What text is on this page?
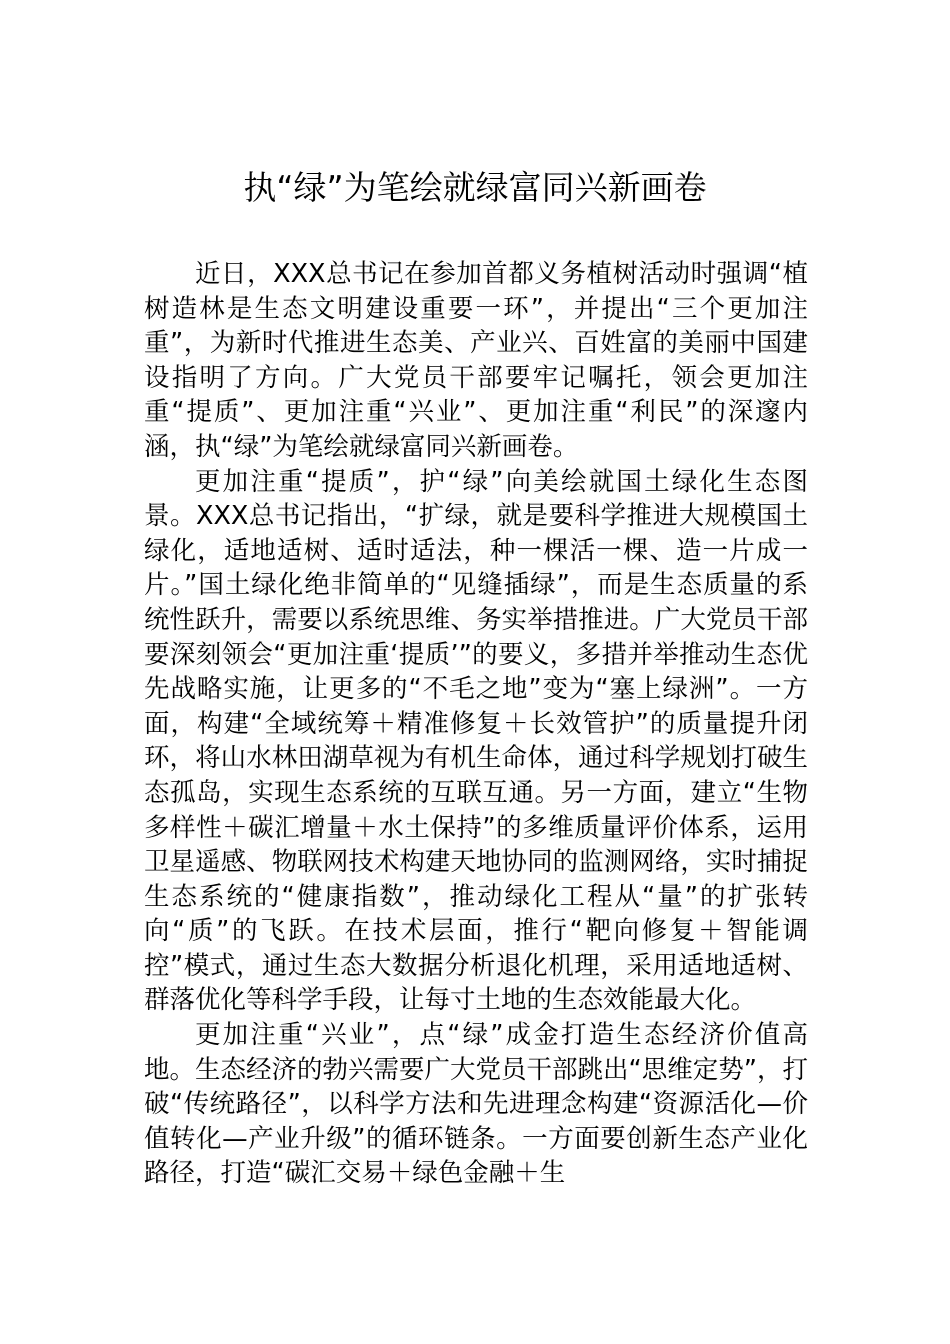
执“绿”为笔绘就绿富同兴新画卷

近日，XXX总书记在参加首都义务植树活动时强调“植树造林是生态文明建设重要一环”，并提出“三个更加注重”，为新时代推进生态美、产业兴、百姓富的美丽中国建设指明了方向。广大党员干部要牢记嘱托，领会更加注重“提质”、更加注重“兴业”、更加注重“利民”的深邃内涵，执“绿”为笔绘就绿富同兴新画卷。

更加注重“提质”，护“绿”向美绘就国土绿化生态图景。XXX总书记指出，“扩绿，就是要科学推进大规模国土绿化，适地适树、适时适法，种一棵活一棵、造一片成一片。”国土绿化绝非简单的“见缝插绿”，而是生态质量的系统性跃升，需要以系统思维、务实举措推进。广大党员干部要深刻领会“更加注重‘提质’”的要义，多措并举推动生态优先战略实施，让更多的“不毛之地”变为“塞上绿洲”。一方面，构建“全域统筹＋精准修复＋长效管护”的质量提升闭环，将山水林田湖草视为有机生命体，通过科学规划打破生态孤岛，实现生态系统的互联互通。另一方面，建立“生物多样性＋碳汇增量＋水土保持”的多维质量评价体系，运用卫星遥感、物联网技术构建天地协同的监测网络，实时捕捉生态系统的“健康指数”，推动绿化工程从“量”的扩张转向“质”的飞跃。在技术层面，推行“靶向修复＋智能调控”模式，通过生态大数据分析退化机理，采用适地适树、群落优化等科学手段，让每寸土地的生态效能最大化。

更加注重“兴业”，点“绿”成金打造生态经济价值高地。生态经济的勃兴需要广大党员干部跳出“思维定势”，打破“传统路径”，以科学方法和先进理念构建“资源活化—价值转化—产业升级”的循环链条。一方面要创新生态产业化路径，打造“碳汇交易＋绿色金融＋生
